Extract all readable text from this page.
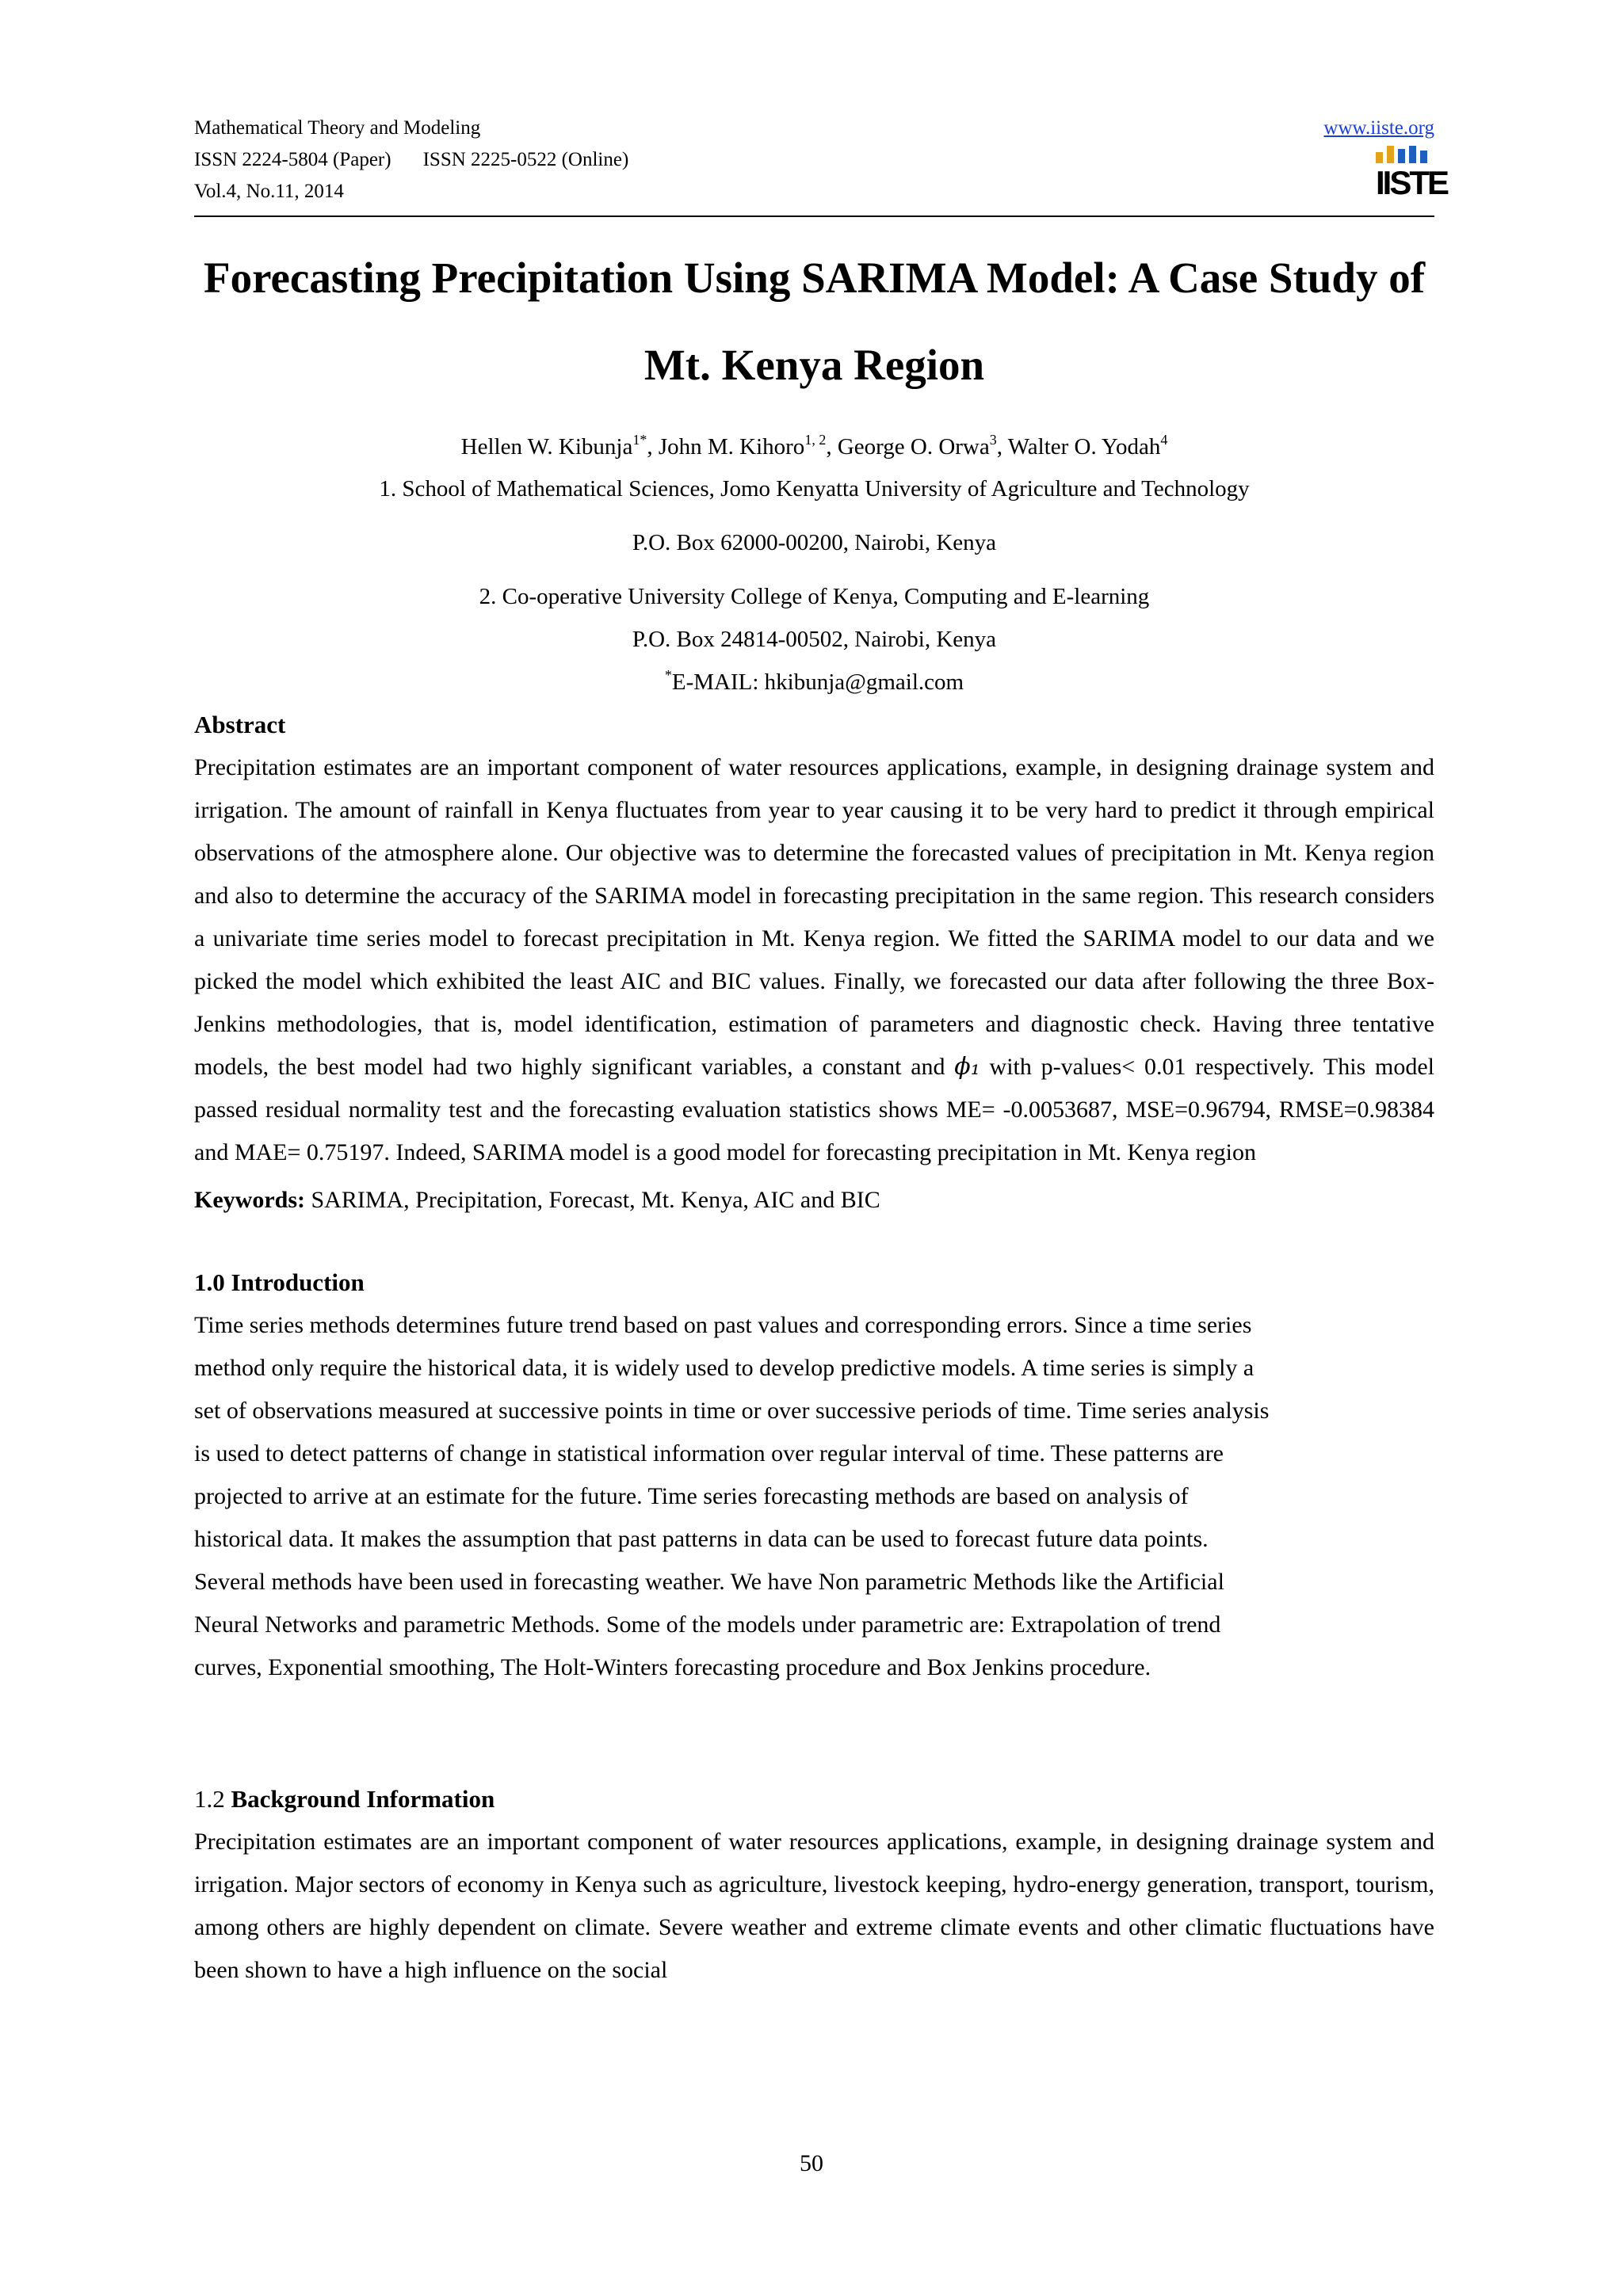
Mathematical Theory and Modeling
ISSN 2224-5804 (Paper) ISSN 2225-0522 (Online)
Vol.4, No.11, 2014
www.iiste.org
IISTE
Forecasting Precipitation Using SARIMA Model: A Case Study of
Mt. Kenya Region
Hellen W. Kibunja$^{1*}$, John M. Kihoro$^{1, 2}$, George O. Orwa$^3$, Walter O. Yodah$^4$
1. School of Mathematical Sciences, Jomo Kenyatta University of Agriculture and Technology
P.O. Box 62000-00200, Nairobi, Kenya
2. Co-operative University College of Kenya, Computing and E-learning
P.O. Box 24814-00502, Nairobi, Kenya
*E-MAIL: hkibunja@gmail.com
Abstract
Precipitation estimates are an important component of water resources applications, example, in designing drainage system and irrigation. The amount of rainfall in Kenya fluctuates from year to year causing it to be very hard to predict it through empirical observations of the atmosphere alone. Our objective was to determine the forecasted values of precipitation in Mt. Kenya region and also to determine the accuracy of the SARIMA model in forecasting precipitation in the same region. This research considers a univariate time series model to forecast precipitation in Mt. Kenya region. We fitted the SARIMA model to our data and we picked the model which exhibited the least AIC and BIC values. Finally, we forecasted our data after following the three Box-Jenkins methodologies, that is, model identification, estimation of parameters and diagnostic check. Having three tentative models, the best model had two highly significant variables, a constant and ϕ₁ with p-values< 0.01 respectively. This model passed residual normality test and the forecasting evaluation statistics shows ME= -0.0053687, MSE=0.96794, RMSE=0.98384 and MAE= 0.75197. Indeed, SARIMA model is a good model for forecasting precipitation in Mt. Kenya region
Keywords: SARIMA, Precipitation, Forecast, Mt. Kenya, AIC and BIC
1.0 Introduction
Time series methods determines future trend based on past values and corresponding errors. Since a time series
method only require the historical data, it is widely used to develop predictive models. A time series is simply a
set of observations measured at successive points in time or over successive periods of time. Time series analysis
is used to detect patterns of change in statistical information over regular interval of time. These patterns are
projected to arrive at an estimate for the future. Time series forecasting methods are based on analysis of
historical data. It makes the assumption that past patterns in data can be used to forecast future data points.
Several methods have been used in forecasting weather. We have Non parametric Methods like the Artificial
Neural Networks and parametric Methods. Some of the models under parametric are: Extrapolation of trend
curves, Exponential smoothing, The Holt-Winters forecasting procedure and Box Jenkins procedure.
1.2 Background Information
Precipitation estimates are an important component of water resources applications, example, in designing drainage system and irrigation. Major sectors of economy in Kenya such as agriculture, livestock keeping, hydro-energy generation, transport, tourism, among others are highly dependent on climate. Severe weather and extreme climate events and other climatic fluctuations have been shown to have a high influence on the social
50
